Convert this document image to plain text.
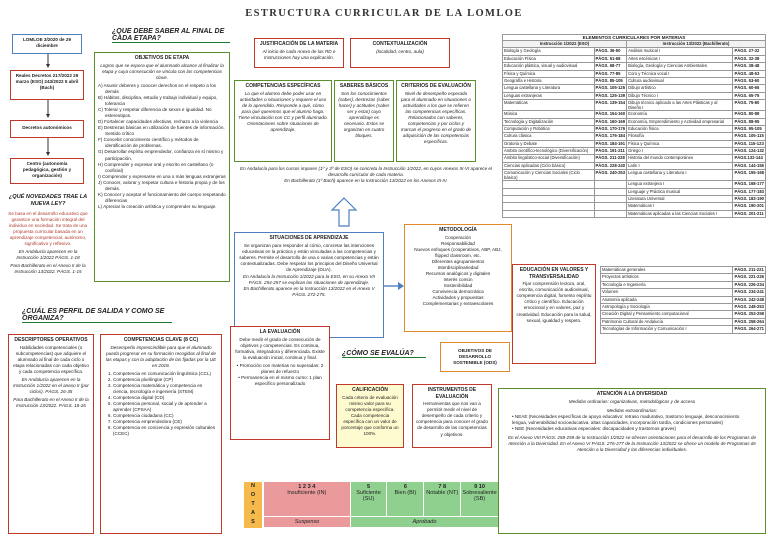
ESTRUCTURA CURRICULAR DE LA LOMLOE
LOMLOE 3/2020 de 29 diciembre
Reales Decretos 217/2022 29 marzo (ESO) 243/2022 5 abril (Bach)
Decretos autonómicos
Centro (autonomía pedagógica, gestión y organización)
¿QUÉ NOVEDADES TRAE LA NUEVA LEY?
Se basa en el desarrollo educativo que garantice una formación integral del individuo en sociedad. Se trata de una propuesta curricular basada en un aprendizaje competencial, autónomo, significativo y reflexivo.
En Andalucía aparecen en la Instrucción 1/2022 PÁGS. 1-18
Para Bachillerato en el Anexo II de la Instrucción 13/2022. PÁGS. 1-15
¿QUE DEBE SABER AL FINAL DE CADA ETAPA?
OBJETIVOS DE ETAPA
Logros que se espera que el alumnado alcance al finalizar la etapa y cuya consecución se vincula con las competencias clave.
A) Asumir deberes y conocer derechos en el respeto a los demás
B) Hábitos, disciplina, estudio y trabajo individual y equipo, tolerancia
C) Tolerar y respetar diferencia de sexos e igualdad. No estereotipos.
D) Fortalecer capacidades afectivas, rechazo a la violencia
E) Destrezas básicas en utilización de fuentes de información. Sentido crítico
F) Concebir conocimiento científico y métodos de identificación de problemas.
G) Desarrollar espíritu emprendedor, confianza en sí mismo y participación.
H) Comprender y expresar oral y escrito en castellano (o cooficial)
I) Comprender y expresarse en una o más lenguas extranjeras
J) Conocer, valorar y respetar cultura e historia propia y de los demás.
K) Conocer y aceptar el funcionamiento del cuerpo respetando diferencias
L) Apreciar la creación artística y comprender su lenguaje.
JUSTIFICACIÓN DE LA MATERIA
Al inicio de cada Anexo de las RD e Instrucciones hay una explicación.
CONTEXTUALIZACIÓN
(localidad, centro, aula)
COMPETENCIAS ESPECÍFICAS
Lo que el alumno debe poder usar en actividades o situaciones y requiere el uso de lo aprendido. Responde a qué, cómo para qué queremos que el alumno haga. Tiene vinculación con CC y perfil alumnado. Orientaciones sobre situaciones de aprendizaje.
SABERES BÁSICOS
Son los conocimientos (saber), destrezas (saber hacer) y actitudes (saber ser y estar) cuyo aprendizaje es necesario. Estos se organizan en cuatro bloques.
CRITERIOS DE EVALUACIÓN
Nivel de desempeño esperado para el alumnado en situaciones o actividades a los que se refieren las competencias específicas. Relacionados con saberes, competencias y por ciclos y marcan el progreso en el grado de adquisición de las competencias específicas.
En Andalucía para los cursos impares (1º y 3º de ESO) se concreta la Instrucción 1/2022, en cuyos Anexos III-VI aparece el desarrollo curricular de cada materia.
En Bachillerato (1º Bach) aparece en la Instrucción 13/2022 en los Anexos III-IV.
SITUACIONES DE APRENDIZAJE
Se organizan para responder al cómo, concretar las intenciones educativas en la práctica y están vinculadas a las competencias y saberes. Permite el desarrollo de una o varias competencias y están contextualizadas. Debe respetar los principios del Diseño Universal de Aprendizaje (DUA).
En Andalucía la Instrucción 1/2022 para la ESO, en su Anexo VII PÁGS. 254-257 se explican las situaciones de aprendizaje.
En Bachillerato aparece en la Instrucción 13/2022 en el Anexo V PÁGS. 272-275.
METODOLOGÍA
Cooperación
Responsabilidad
Nuevos enfoques (cooperativos, ABP, ABJ, flipped classroom, etc.
Diferentes agrupamientos
Interdisciplinariedad
Recursos analógicos y digitales
Interés común
Sostenibilidad
Convivencia democrática
Actividades y propuestas
Complementarias y extraescolares
EDUCACIÓN EN VALORES Y TRANSVERSALIDAD
Fijar comprensión lectora, oral, escrita, comunicación audiovisual, competencia digital, fomento espíritu crítico y científico. Educación emocional y en valores, paz y creatividad. Educación para la salud, sexual, igualdad y respeto.
ELEMENTOS CURRICULARES POR MATERIAS
Instrucción 1/2022 (ESO)		Instrucción 13/2022 (Bachillerato)	
Biología y Geología	PÁGS. 36-50	Análisis musical I	PÁGS. 27-32
Educación Física	PÁGS. 51-68	Artes escénicas I	PÁGS. 32-38
Educación plástica, visual y audiovisual	PÁGS. 68-77	Biología, Geología y Ciencias Ambientales	PÁGS. 38-48
Física y Química	PÁGS. 77-85	Coro y Técnica vocal I	PÁGS. 48-53
Geografía e Historia	PÁGS. 85-105	Cultura audiovisual	PÁGS. 53-60
Lengua castellana y Literatura	PÁGS. 105-125	Dibujo artístico	PÁGS. 60-65
Lenguas extranjeras	PÁGS. 125-139	Dibujo Técnico I	PÁGS. 65-75
Matemáticas	PÁGS. 139-154	Dibujo técnico aplicado a las Artes Plásticas y al Diseño I	PÁGS. 75-80
Música	PÁGS. 154-160	Economía	PÁGS. 80-88
Tecnología y Digitalización	PÁGS. 160-169	Economía, Emprendimiento y Actividad empresarial	PÁGS. 88-95
Computación y Robótica	PÁGS. 170-176	Educación física	PÁGS. 95-105
Cultura clásica	PÁGS. 176-184	Filosofía	PÁGS. 105-115
Oratoria y Debate	PÁGS. 184-191	Física y Química	PÁGS. 115-123
Ámbito científico-tecnológico (Diversificación)	PÁGS. 191-211	Griego I	PÁGS. 124-132
Ámbito lingüístico-social (Diversificación)	PÁGS. 211-228	Historia del mundo contemporáneo	PÁGS.132-144
Ciencias aplicadas (Ciclo básico)	PÁGS. 228-240	Latín I	PÁGS. 144-155
Comunicación y Ciencias Sociales (Ciclo básico)	PÁGS. 240-253	Lengua castellana y Literatura I	PÁGS. 155-168
		Lengua extranjera I	PÁGS. 168-177
		Lenguaje y Práctica musical	PÁGS. 177-183
		Literatura Universal	PÁGS. 183-190
		Matemáticas I	PÁGS. 190-201
		Matemáticas aplicadas a las Ciencias Sociales I	PÁGS. 201-211
Matemáticas generales	PÁGS. 211-221
Proyectos artísticos	PÁGS. 221-226
Tecnología e Ingeniería	PÁGS. 226-234
Volumen	PÁGS. 234-241
Anatomía aplicada	PÁGS. 242-248
Antropología y Sociología	PÁGS. 248-253
Creación Digital y Pensamiento computacional	PÁGS. 253-258
Patrimonio Cultural de Andalucía	PÁGS. 258-264
Tecnologías de Información y Comunicación I	PÁGS. 264-271
¿CUÁL ES PERFIL DE SALIDA Y COMO SE ORGANIZA?
DESCRIPTORES OPERATIVOS
Habilidades competenciales (o subcompetencias) que adquiere el alumnado al final de cada ciclo o etapa relacionadas con cada objetivo y cada competencia específica.
En Andalucía aparecen en la Instrucción 1/2022 en el anexo II (por ciclos). PÁGS. 26-35
Para Bachillerato en el Anexo II de la Instrucción 13/2022. PÁGS. 18-26
COMPETENCIAS CLAVE (8 CC)
Desempeño imprescindible para que el alumnado pueda progresar en su formación recogidas al final de las etapas y con la adaptación de las fijadas por la UE en 2018.
1. Competencia en comunicación lingüística (CCL)
2. Competencia plurilingüe (CP)
3. Competencia matemática y competencia en ciencia, tecnología e ingeniería (STEM)
4. Competencia digital (CD)
5. Competencia personal, social y de aprender a aprender (CPSAA)
6. Competencia ciudadana (CC)
7. Competencia emprendedora (CE)
8. Competencia en conciencia y expresión culturales (CCEC)
LA EVALUACIÓN
Debe medir el grado de consecución de objetivos y competencias. Es continua, formativa, integradora y diferenciada. Existe la evaluación inicial, continua y final.
• Promoción con materias no superadas: 2 planes de refuerzo
• Permanencia en el mismo curso: 1 plan específico personalizado
¿CÓMO SE EVALÚA?	OBJETIVOS DE DESARROLLO SOSTENIBLE (ODS)
CALIFICACIÓN
Cada criterio de evaluación mismo valor para su competencia específica. Cada competencia específica con un valor de porcentaje que conforma un 100%.
INSTRUMENTOS DE EVALUACIÓN
Herramientas que nos van a permitir medir el nivel de desempeño de cada criterio y competencia para conocer el grado de desarrollo de las competencias y objetivos.
ATENCIÓN A LA DIVERSIDAD
Medidas ordinarias: organizativas, metodológicas y de acceso
Medidas extraordinarias:
• NEAE (Necesidades específicas de apoyo educativo: retraso madurativo, trastorno lenguaje, desconocimiento lengua, vulnerabilidad socioeducativa, altas capacidades, incorporación tardía, condiciones personales)
• NEE (Necesidades educativas especiales: discapacidades y trastornos graves)
En el Anexo VIII PÁGS. 258-259 de la Instrucción 1/2022 se ofrecen orientaciones para el desarrollo de los Programas de Atención a la Diversidad. En el Anexo VI PÁGS. 276-277 de la Instrucción 13/2022 se ofrece un modelo de Programas de Atención a la Diversidad y las diferencias individuales.
N
O
T
A
S
1 2 3 4
Insuficiente (IN)
5
Suficiente (SU)
6
Bien (BI)
7 8
Notable (NT)
9 10
Sobresaliente (SB)
Suspenso	Aprobado
